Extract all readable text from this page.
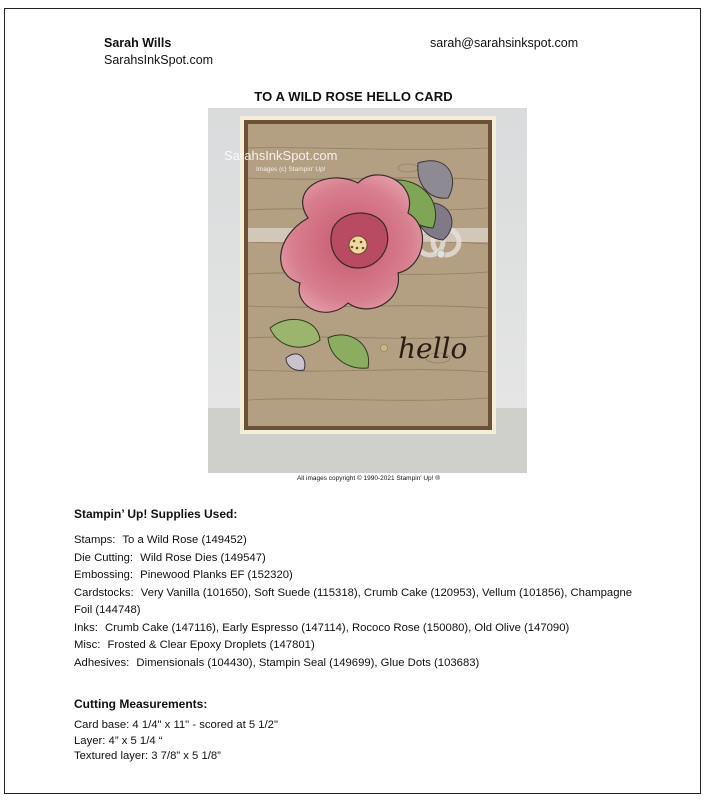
Sarah Wills
SarahsInkSpot.com
sarah@sarahsinkspot.com
TO A WILD ROSE HELLO CARD
SarahsInkSpot.com
Images (c) Stampin' Up!
hello
All images copyright © 1990-2021 Stampin' Up! ®
Stampin’ Up! Supplies Used:
Stamps: To a Wild Rose (149452)
Die Cutting: Wild Rose Dies (149547)
Embossing: Pinewood Planks EF (152320)
Cardstocks: Very Vanilla (101650), Soft Suede (115318), Crumb Cake (120953), Vellum (101856), Champagne Foil (144748)
Inks: Crumb Cake (147116), Early Espresso (147114), Rococo Rose (150080), Old Olive (147090)
Misc: Frosted & Clear Epoxy Droplets (147801)
Adhesives: Dimensionals (104430), Stampin Seal (149699), Glue Dots (103683)
Cutting Measurements:
Card base: 4 1/4" x 11" - scored at 5 1/2"
Layer: 4” x 5 1/4 “
Textured layer: 3 7/8” x 5 1/8”
